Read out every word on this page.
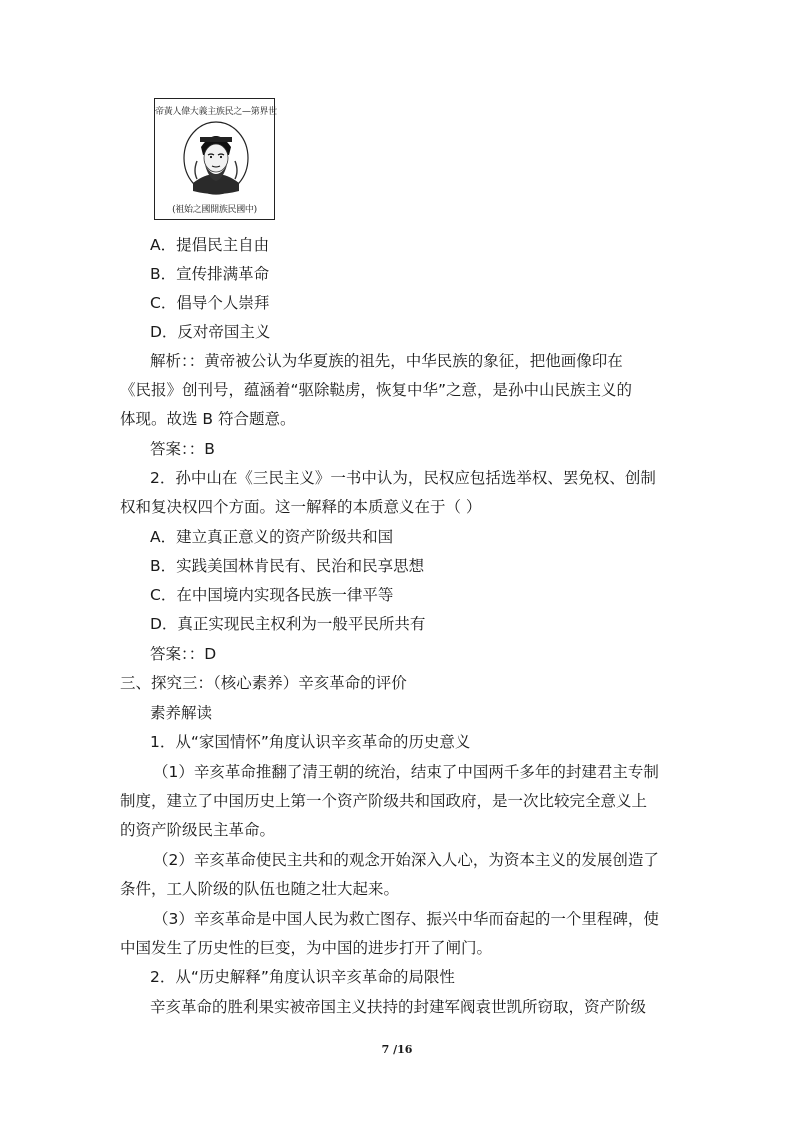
帝黃人偉大義主族民之—第界世
(祖始之國開族民國中)
A．提倡民主自由
B．宣传排满革命
C．倡导个人崇拜
D．反对帝国主义
解析：：黄帝被公认为华夏族的祖先，中华民族的象征，把他画像印在
《民报》创刊号，蕴涵着“驱除鞑虏，恢复中华”之意，是孙中山民族主义的
体现。故选 B 符合题意。
答案：：B
2．孙中山在《三民主义》一书中认为，民权应包括选举权、罢免权、创制
权和复决权四个方面。这一解释的本质意义在于（ ）
A．建立真正意义的资产阶级共和国
B．实践美国林肯民有、民治和民享思想
C．在中国境内实现各民族一律平等
D．真正实现民主权利为一般平民所共有
答案：：D
三、探究三：（核心素养）辛亥革命的评价
素养解读
1．从“家国情怀”角度认识辛亥革命的历史意义
（1）辛亥革命推翻了清王朝的统治，结束了中国两千多年的封建君主专制
制度，建立了中国历史上第一个资产阶级共和国政府，是一次比较完全意义上
的资产阶级民主革命。
（2）辛亥革命使民主共和的观念开始深入人心，为资本主义的发展创造了
条件，工人阶级的队伍也随之壮大起来。
（3）辛亥革命是中国人民为救亡图存、振兴中华而奋起的一个里程碑，使
中国发生了历史性的巨变，为中国的进步打开了闸门。
2．从“历史解释”角度认识辛亥革命的局限性
辛亥革命的胜利果实被帝国主义扶持的封建军阀袁世凯所窃取，资产阶级
7 /16
